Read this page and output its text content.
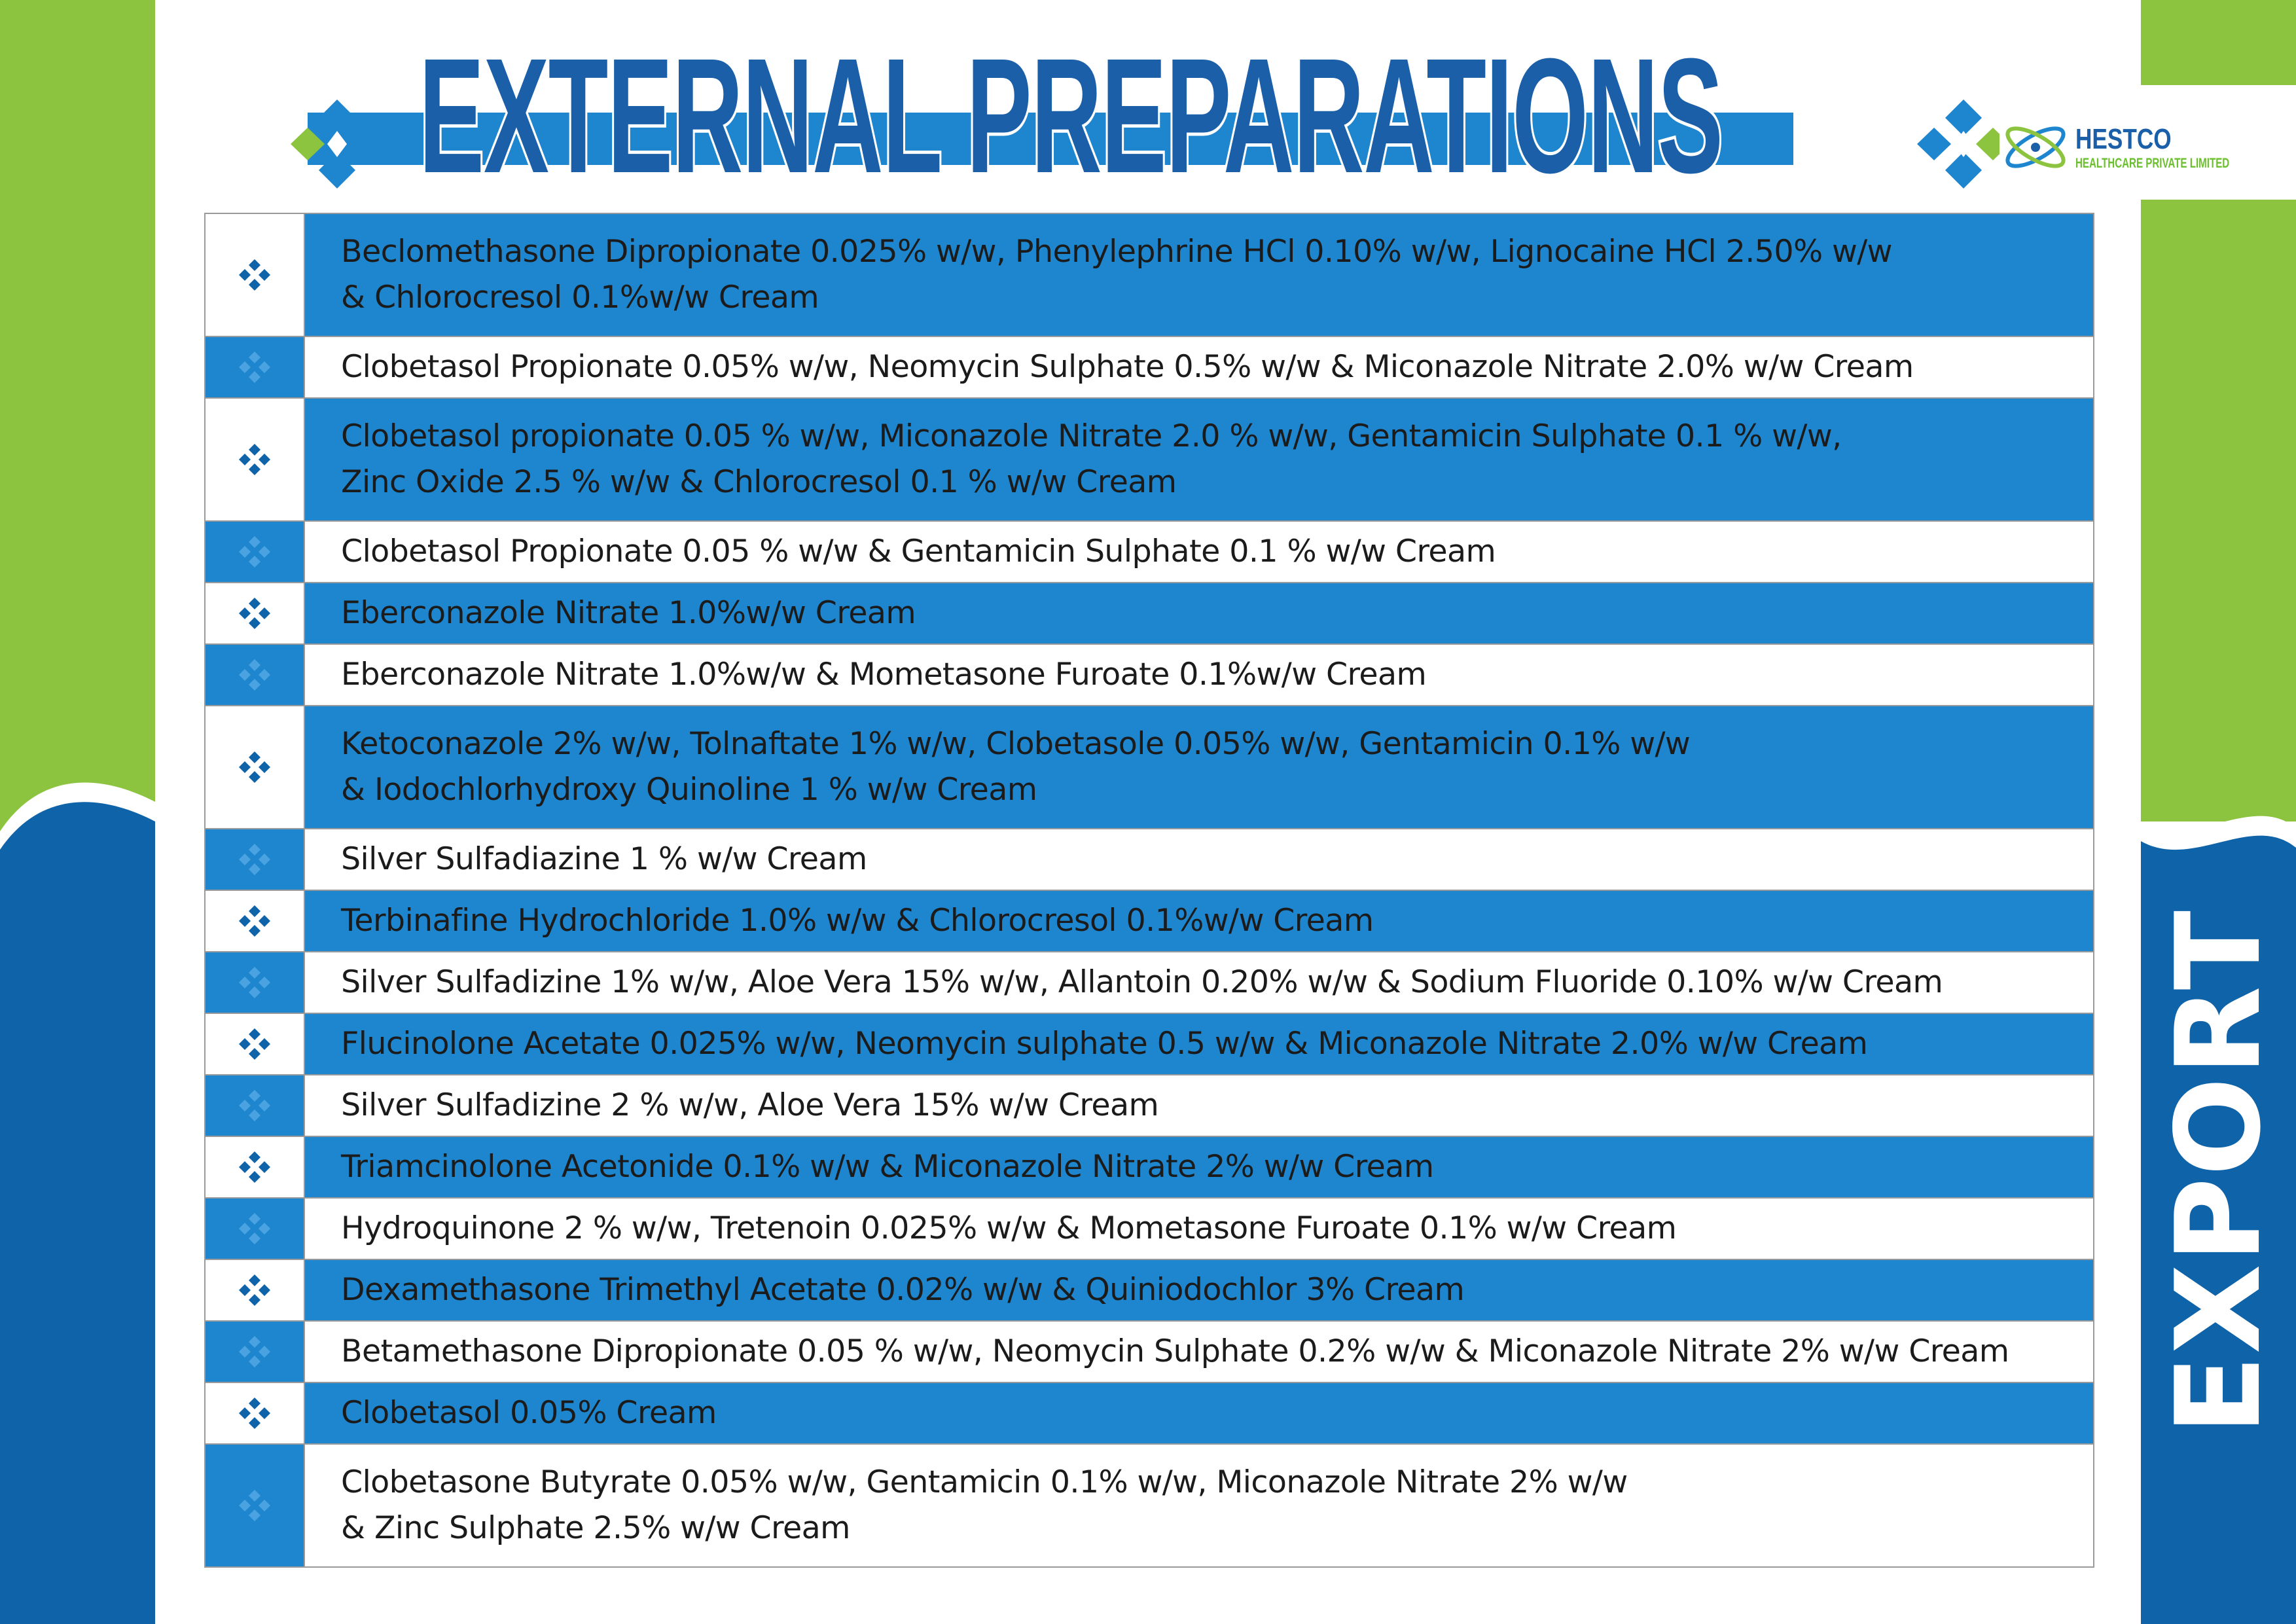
EXPORT
EXTERNAL PREPARATIONS	HESTCO
HEALTHCARE PRIVATE LIMITED
	Beclomethasone Dipropionate 0.025% w/w, Phenylephrine HCl 0.10% w/w, Lignocaine HCl 2.50% w/w
& Chlorocresol 0.1%w/w Cream
	Clobetasol Propionate 0.05% w/w, Neomycin Sulphate 0.5% w/w & Miconazole Nitrate 2.0% w/w Cream
	Clobetasol propionate 0.05 % w/w, Miconazole Nitrate 2.0 % w/w, Gentamicin Sulphate 0.1 % w/w,
Zinc Oxide 2.5 % w/w & Chlorocresol 0.1 % w/w Cream
	Clobetasol Propionate 0.05 % w/w & Gentamicin Sulphate 0.1 % w/w Cream
	Eberconazole Nitrate 1.0%w/w Cream
	Eberconazole Nitrate 1.0%w/w & Mometasone Furoate 0.1%w/w Cream
	Ketoconazole 2% w/w, Tolnaftate 1% w/w, Clobetasole 0.05% w/w, Gentamicin 0.1% w/w
& Iodochlorhydroxy Quinoline 1 % w/w Cream
	Silver Sulfadiazine 1 % w/w Cream
	Terbinafine Hydrochloride 1.0% w/w & Chlorocresol 0.1%w/w Cream
	Silver Sulfadizine 1% w/w, Aloe Vera 15% w/w, Allantoin 0.20% w/w & Sodium Fluoride 0.10% w/w Cream
	Flucinolone Acetate 0.025% w/w, Neomycin sulphate 0.5 w/w & Miconazole Nitrate 2.0% w/w Cream
	Silver Sulfadizine 2 % w/w, Aloe Vera 15% w/w Cream
	Triamcinolone Acetonide 0.1% w/w & Miconazole Nitrate 2% w/w Cream
	Hydroquinone 2 % w/w, Tretenoin 0.025% w/w & Mometasone Furoate 0.1% w/w Cream
	Dexamethasone Trimethyl Acetate 0.02% w/w & Quiniodochlor 3% Cream
	Betamethasone Dipropionate 0.05 % w/w, Neomycin Sulphate 0.2% w/w & Miconazole Nitrate 2% w/w Cream
	Clobetasol 0.05% Cream
	Clobetasone Butyrate 0.05% w/w, Gentamicin 0.1% w/w, Miconazole Nitrate 2% w/w
& Zinc Sulphate 2.5% w/w Cream
